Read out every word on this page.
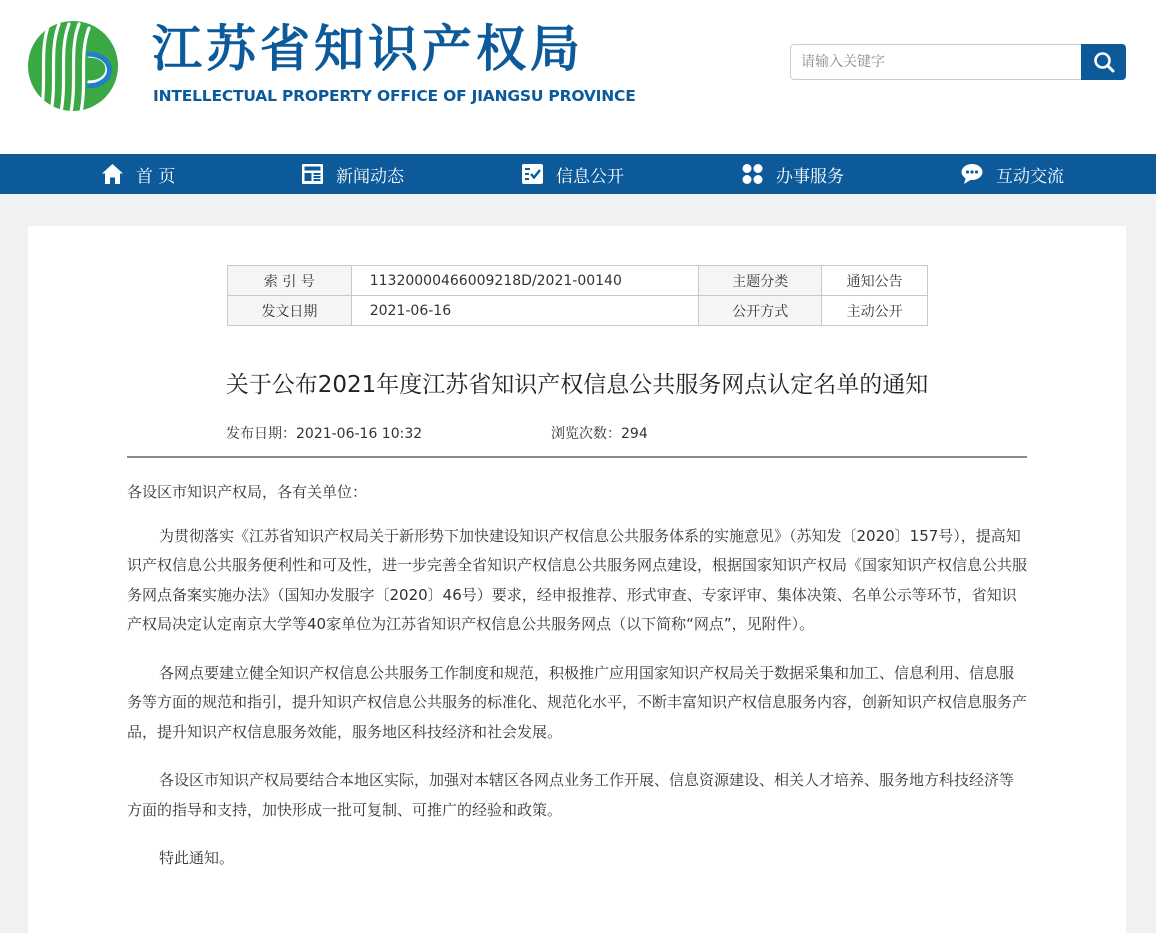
江苏省知识产权局
INTELLECTUAL PROPERTY OFFICE OF JIANGSU PROVINCE
请输入关键字
首 页	新闻动态	信息公开	办事服务	互动交流
索 引 号	11320000466009218D/2021-00140	主题分类	通知公告
发文日期	2021-06-16	公开方式	主动公开
关于公布2021年度江苏省知识产权信息公共服务网点认定名单的通知
发布日期：2021-06-16 10:32	浏览次数：294

各设区市知识产权局，各有关单位：

为贯彻落实《江苏省知识产权局关于新形势下加快建设知识产权信息公共服务体系的实施意见》（苏知发〔2020〕157号），提高知识产权信息公共服务便利性和可及性，进一步完善全省知识产权信息公共服务网点建设，根据国家知识产权局《国家知识产权信息公共服务网点备案实施办法》（国知办发服字〔2020〕46号）要求，经申报推荐、形式审查、专家评审、集体决策、名单公示等环节，省知识产权局决定认定南京大学等40家单位为江苏省知识产权信息公共服务网点（以下简称“网点”，见附件）。

各网点要建立健全知识产权信息公共服务工作制度和规范，积极推广应用国家知识产权局关于数据采集和加工、信息利用、信息服务等方面的规范和指引，提升知识产权信息公共服务的标准化、规范化水平，不断丰富知识产权信息服务内容，创新知识产权信息服务产品，提升知识产权信息服务效能，服务地区科技经济和社会发展。

各设区市知识产权局要结合本地区实际，加强对本辖区各网点业务工作开展、信息资源建设、相关人才培养、服务地方科技经济等方面的指导和支持，加快形成一批可复制、可推广的经验和政策。

特此通知。
